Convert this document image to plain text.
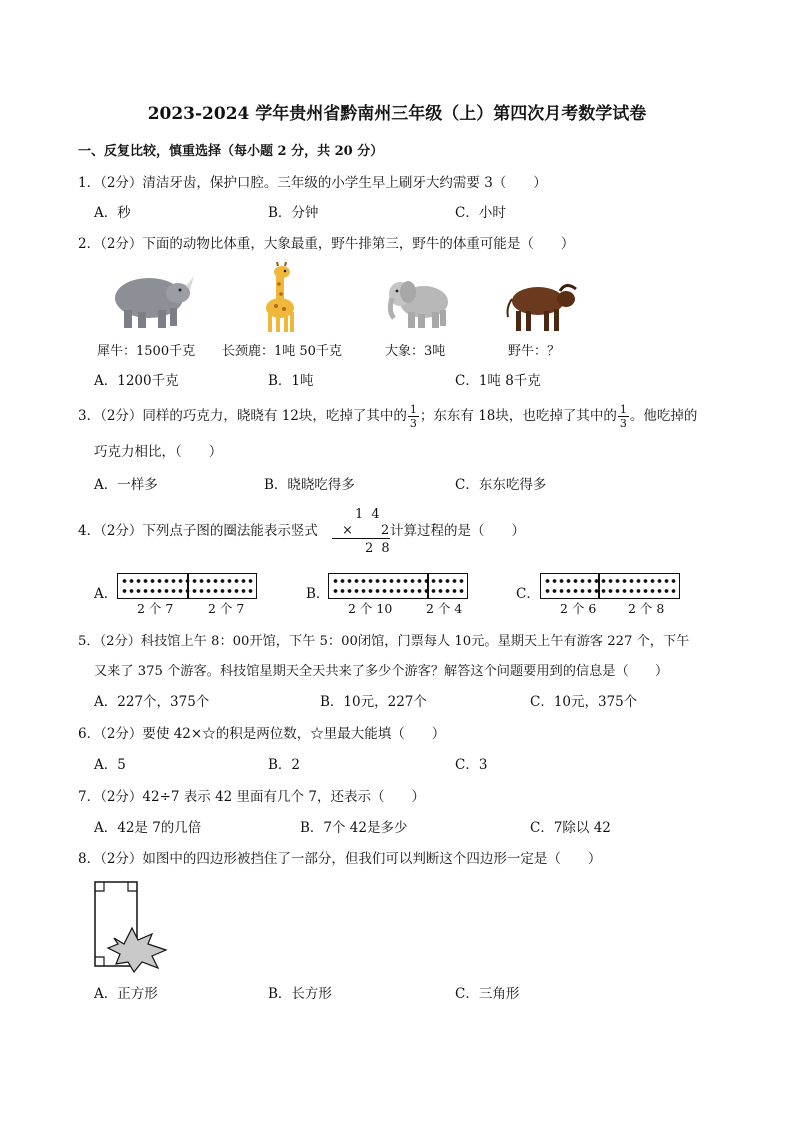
2023-2024 学年贵州省黔南州三年级（上）第四次月考数学试卷
一、反复比较，慎重选择（每小题 2 分，共 20 分）
1．（2分）清洁牙齿，保护口腔。三年级的小学生早上刷牙大约需要 3（　　）
A．秒	B．分钟	C．小时
2．（2分）下面的动物比体重，大象最重，野牛排第三，野牛的体重可能是（　　）
犀牛：1500千克 长颈鹿：1吨 50千克	大象：3吨	野牛：？
A．1200千克	B．1吨	C．1吨 8千克
3．（2分）同样的巧克力，晓晓有 12块，吃掉了其中的 $\frac{1}{3}$ ；东东有 18块，也吃掉了其中的 $\frac{1}{3}$ 。他吃掉的
巧克力相比，（　　）
A．一样多	B．晓晓吃得多	C．东东吃得多
4．（2分）下列点子图的圈法能表示竖式
1 4
× 2
2 8
计算过程的是（　　）
A．
2 个 7	2 个 7
B．
2 个 10	2 个 4
C．
2 个 6	2 个 8
5．（2分）科技馆上午 8：00开馆，下午 5：00闭馆，门票每人 10元。星期天上午有游客 227 个，下午
又来了 375 个游客。科技馆星期天全天共来了多少个游客？解答这个问题要用到的信息是（　　）
A．227个，375个	B．10元，227个	C．10元，375个
6．（2分）要使 42×☆的积是两位数，☆里最大能填（　　）
A．5	B．2	C．3
7．（2分）42÷7 表示 42 里面有几个 7，还表示（　　）
A．42是 7的几倍	B．7个 42是多少	C．7除以 42
8．（2分）如图中的四边形被挡住了一部分，但我们可以判断这个四边形一定是（　　）
A．正方形	B．长方形	C．三角形
